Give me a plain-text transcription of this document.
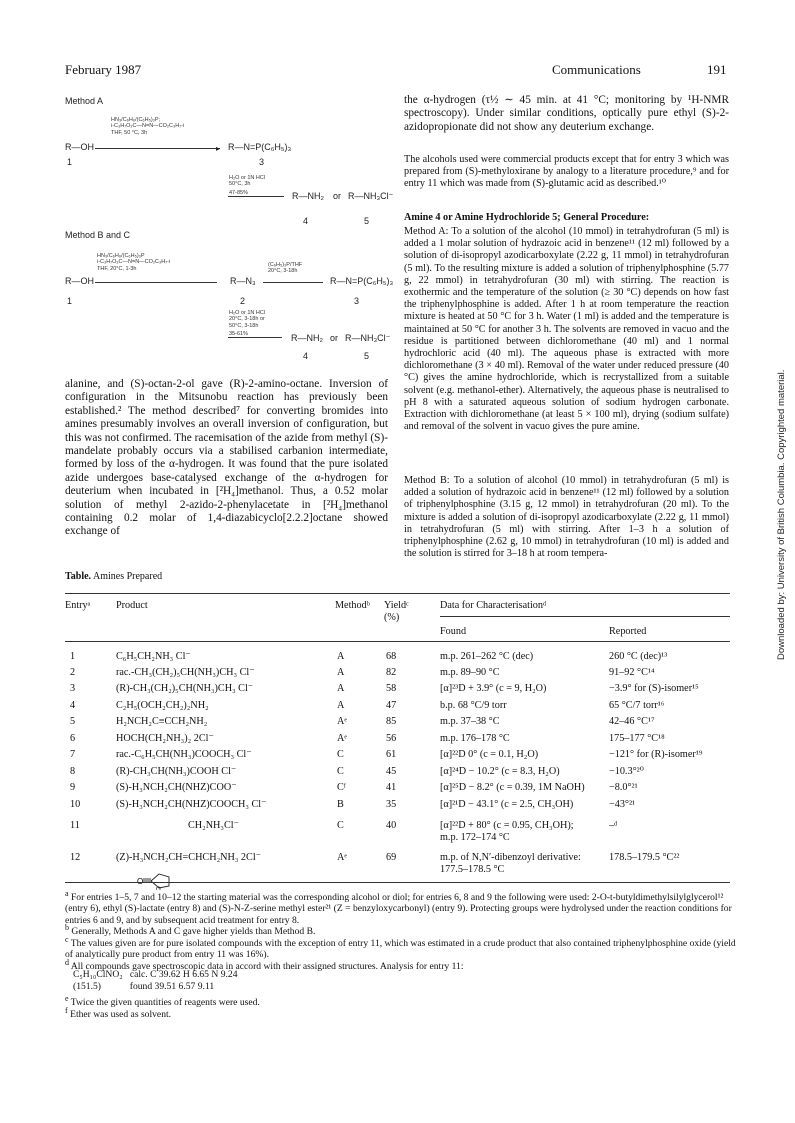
February 1987	Communications	191
Method A
HN₃/C₆H₆/(C₆H₅)₃P;
i-C₃H₇O₂C—N=N—CO₂C₃H₇-i
THF, 50 °C, 3h
R—OH	▸ R—N=P(C₆H₅)₃
1	3
H₂O or 1N HCl
50°C, 3h
47-85%	R—NH₂ or R—NH₃Cl⁻
4	5
Method B and C
HN₃/C₆H₆/(C₆H₅)₃P
i-C₃H₇O₂C—N=N—CO₂C₃H₇-i
THF, 20°C, 1-3h
R—OH	R—N₃
(C₆H₅)₃P/THF
20°C, 3-18h
R—N=P(C₆H₅)₃
1	2	3
H₂O or 1N HCl
20°C, 3-18h or
50°C, 3-18h
35-61%	R—NH₂ or R—NH₃Cl⁻
4	5

alanine, and (S)-octan-2-ol gave (R)-2-amino-octane. Inversion of configuration in the Mitsunobu reaction has previously been established.² The method described⁷ for converting bromides into amines presumably involves an overall inversion of configuration, but this was not confirmed. The racemisation of the azide from methyl (S)-mandelate probably occurs via a stabilised carbanion intermediate, formed by loss of the α-hydrogen. It was found that the pure isolated azide undergoes base-catalysed exchange of the α-hydrogen for deuterium when incubated in [²H₄]methanol. Thus, a 0.52 molar solution of methyl 2-azido-2-phenylacetate in [²H₄]methanol containing 0.2 molar of 1,4-diazabicyclo[2.2.2]octane showed exchange of

the α-hydrogen (τ½ ∼ 45 min. at 41 °C; monitoring by ¹H-NMR spectroscopy). Under similar conditions, optically pure ethyl (S)-2-azidopropionate did not show any deuterium exchange.

The alcohols used were commercial products except that for entry 3 which was prepared from (S)-methyloxirane by analogy to a literature procedure,⁹ and for entry 11 which was made from (S)-glutamic acid as described.¹⁰

Amine 4 or Amine Hydrochloride 5; General Procedure:

Method A: To a solution of the alcohol (10 mmol) in tetrahydrofuran (5 ml) is added a 1 molar solution of hydrazoic acid in benzene¹¹ (12 ml) followed by a solution of di-isopropyl azodicarboxylate (2.22 g, 11 mmol) in tetrahydrofuran (5 ml). To the resulting mixture is added a solution of triphenylphosphine (5.77 g, 22 mmol) in tetrahydrofuran (30 ml) with stirring. The reaction is exothermic and the temperature of the solution (≥ 30 °C) depends on how fast the triphenylphosphine is added. After 1 h at room temperature the reaction mixture is heated at 50 °C for 3 h. Water (1 ml) is added and the temperature is maintained at 50 °C for another 3 h. The solvents are removed in vacuo and the residue is partitioned between dichloromethane (40 ml) and 1 normal hydrochloric acid (40 ml). The aqueous phase is extracted with more dichloromethane (3 × 40 ml). Removal of the water under reduced pressure (40 °C) gives the amine hydrochloride, which is recrystallized from a suitable solvent (e.g. methanol-ether). Alternatively, the aqueous phase is neutralised to pH 8 with a saturated aqueous solution of sodium hydrogen carbonate. Extraction with dichloromethane (at least 5 × 100 ml), drying (sodium sulfate) and removal of the solvent in vacuo gives the pure amine.

Method B: To a solution of alcohol (10 mmol) in tetrahydrofuran (5 ml) is added a solution of hydrazoic acid in benzene¹¹ (12 ml) followed by a solution of triphenylphosphine (3.15 g, 12 mmol) in tetrahydrofuran (20 ml). To the mixture is added a solution of di-isopropyl azodicarboxylate (2.22 g, 11 mmol) in tetrahydrofuran (5 ml) with stirring. After 1–3 h a solution of triphenylphosphine (2.62 g, 10 mmol) in tetrahydrofuran (10 ml) is added and the solution is stirred for 3–18 h at room tempera-

Table. Amines Prepared
Entryᵃ	Product	Methodᵇ Yieldᶜ
(%)
Data for Characterisationᵈ
Found	Reported
1	C₆H₅CH₂NH₃ Cl⁻	A	68	m.p. 261–262 °C (dec)	260 °C (dec)¹³
2	rac.-CH₃(CH₂)₅CH(NH₃)CH₃ Cl⁻	A	82	m.p. 89–90 °C	91–92 °C¹⁴
3	(R)-CH₃(CH₂)₅CH(NH₃)CH₃ Cl⁻	A	58	[α]²³D + 3.9° (c = 9, H₂O)	−3.9° for (S)-isomer¹⁵
4	C₂H₅(OCH₂CH₂)₂NH₂	A	47	b.p. 68 °C/9 torr	65 °C/7 torr¹⁶
5	H₂NCH₂C≡CCH₂NH₂	Aᵉ	85	m.p. 37–38 °C	42–46 °C¹⁷
6	HOCH(CH₂NH₃)₂ 2Cl⁻	Aᵉ	56	m.p. 176–178 °C	175–177 °C¹⁸
7	rac.-C₆H₅CH(NH₃)COOCH₃ Cl⁻	C	61	[α]²²D 0° (c = 0.1, H₂O)	−121° for (R)-isomer¹⁹
8	(R)-CH₃CH(NH₃)COOH Cl⁻	C	45	[α]²⁴D − 10.2° (c = 8.3, H₂O)	−10.3°²⁰
9	(S)-H₃NCH₂CH(NHZ)COO⁻	Cᶠ	41	[α]²⁵D − 8.2° (c = 0.39, 1M NaOH) −8.0°²¹
10	(S)-H₃NCH₂CH(NHZ)COOCH₃ Cl⁻	B	35	[α]²¹D − 43.1° (c = 2.5, CH₃OH)	−43°²¹
11	CH₂NH₃Cl⁻	C	40	[α]²²D + 80° (c = 0.95, CH₃OH);	–ᵈ
m.p. 172–174 °C
12	(Z)-H₃NCH₂CH=CHCH₂NH₃ 2Cl⁻	Aᵉ	69	m.p. of N,N′-dibenzoyl derivative:	178.5–179.5 °C²²
177.5–178.5 °C
O
$^a$ For entries 1–5, 7 and 10–12 the starting material was the corresponding alcohol or diol; for entries 6, 8 and 9 the following were used: 2-O-t-butyldimethylsilylglycerol¹² (entry 6), ethyl (S)-lactate (entry 8) and (S)-N-Z-serine methyl ester²¹ (Z = benzyloxycarbonyl) (entry 9). Protecting groups were hydrolysed under the reaction conditions for entries 6 and 9, and by subsequent acid treatment for entry 8.
$^b$ Generally, Methods A and C gave higher yields than Method B.
$^c$ The values given are for pure isolated compounds with the exception of entry 11, which was estimated in a crude product that also contained triphenylphosphine oxide (yield of analytically pure product from entry 11 was 16%).
$^d$ All compounds gave spectroscopic data in accord with their assigned structures. Analysis for entry 11:
C₅H₁₀ClNO₂ calc. C 39.62 H 6.65 N 9.24
(151.5)	found 39.51 6.57 9.11
$^e$ Twice the given quantities of reagents were used.
$^f$ Ether was used as solvent.
Downloaded by: University of British Columbia. Copyrighted material.
